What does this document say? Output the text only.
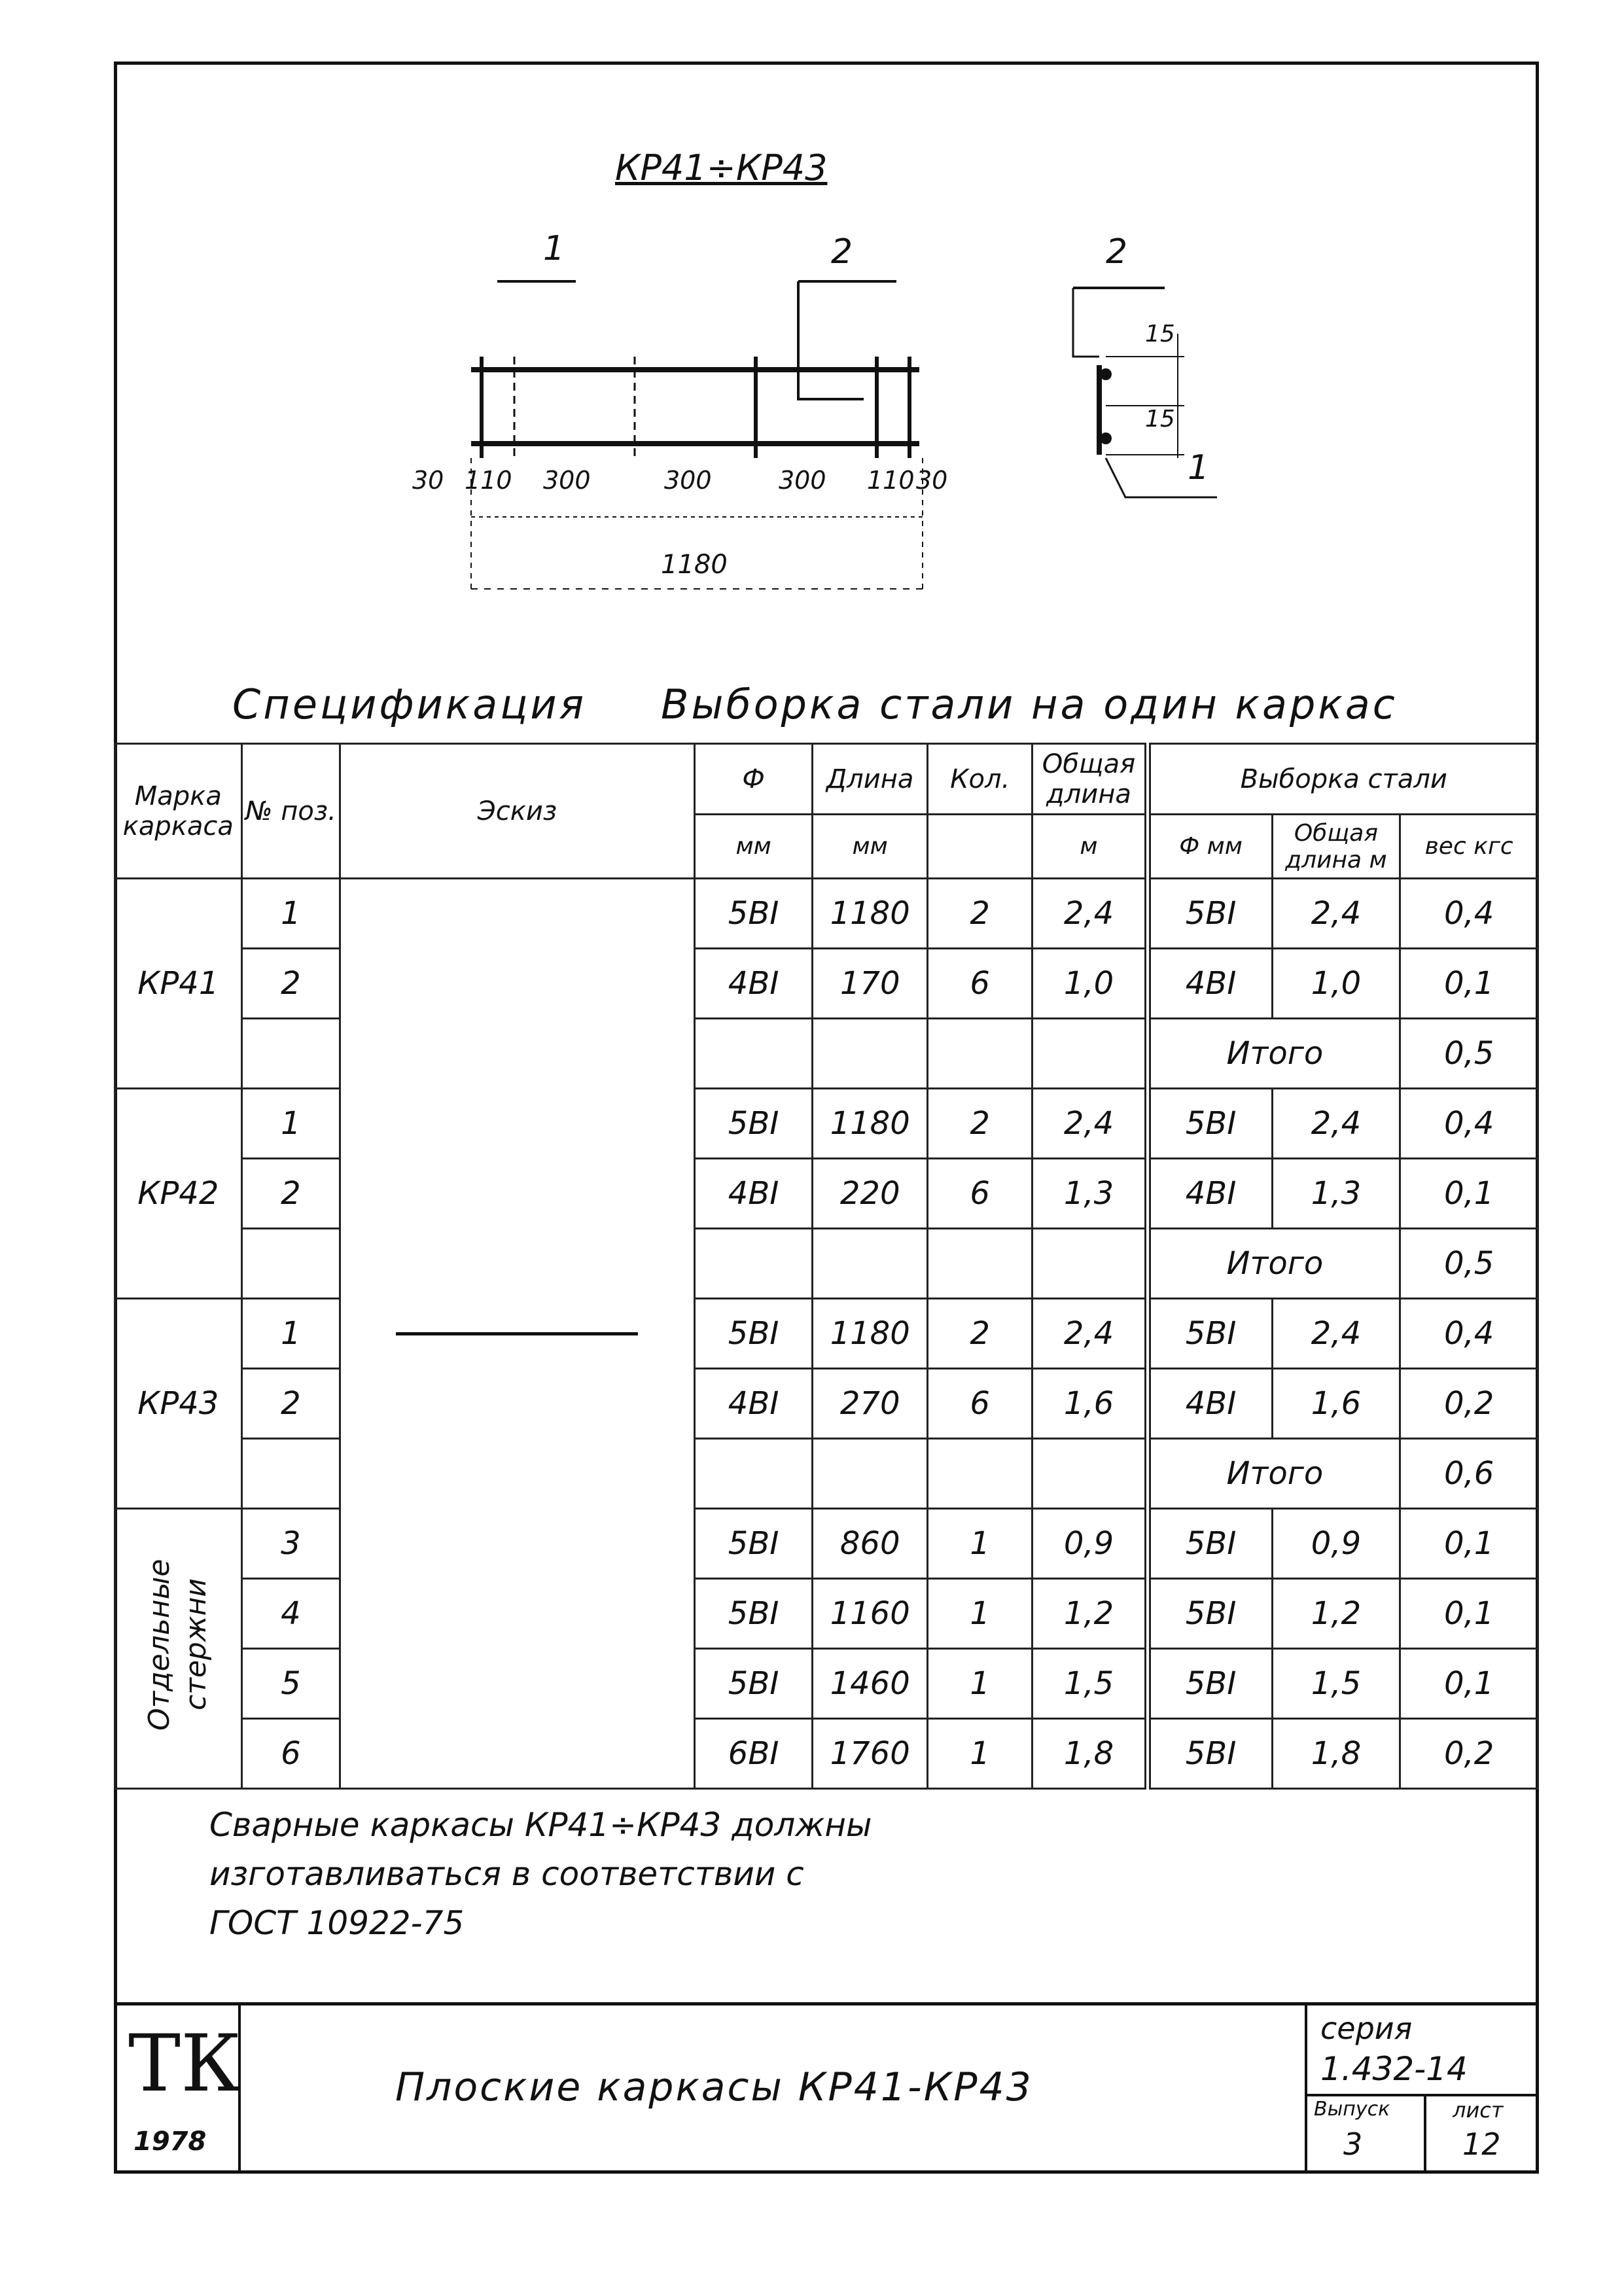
КР41÷КР43
1	2	2
1
30 110 300	300	300 110 30
1180
15
15
Спецификация Выборка стали на один каркас
Марка каркаса	№ поз.	Эскиз	Ф	Длина	Кол.	Общая длина	Выборка стали		
			мм	мм		м	Ф мм	Общая длина м	вес кгс
КР41	1		5BI	1180	2	2,4	5BI	2,4	0,4
	2		4BI	170	6	1,0	4BI	1,0	0,1
							Итого		0,5
КР42	1		5BI	1180	2	2,4	5BI	2,4	0,4
	2		4BI	220	6	1,3	4BI	1,3	0,1
							Итого		0,5
КР43	1		5BI	1180	2	2,4	5BI	2,4	0,4
	2		4BI	270	6	1,6	4BI	1,6	0,2
							Итого		0,6
Отдельные стержни	3		5BI	860	1	0,9	5BI	0,9	0,1
	4		5BI	1160	1	1,2	5BI	1,2	0,1
	5		5BI	1460	1	1,5	5BI	1,5	0,1
	6		6BI	1760	1	1,8	5BI	1,8	0,2
Сварные каркасы КР41÷КР43 должны
изготавливаться в соответствии с
ГОСТ 10922-75
ТК
1978
Плоские каркасы КР41-КР43
серия
1.432-14
Выпуск
3
лист
12
